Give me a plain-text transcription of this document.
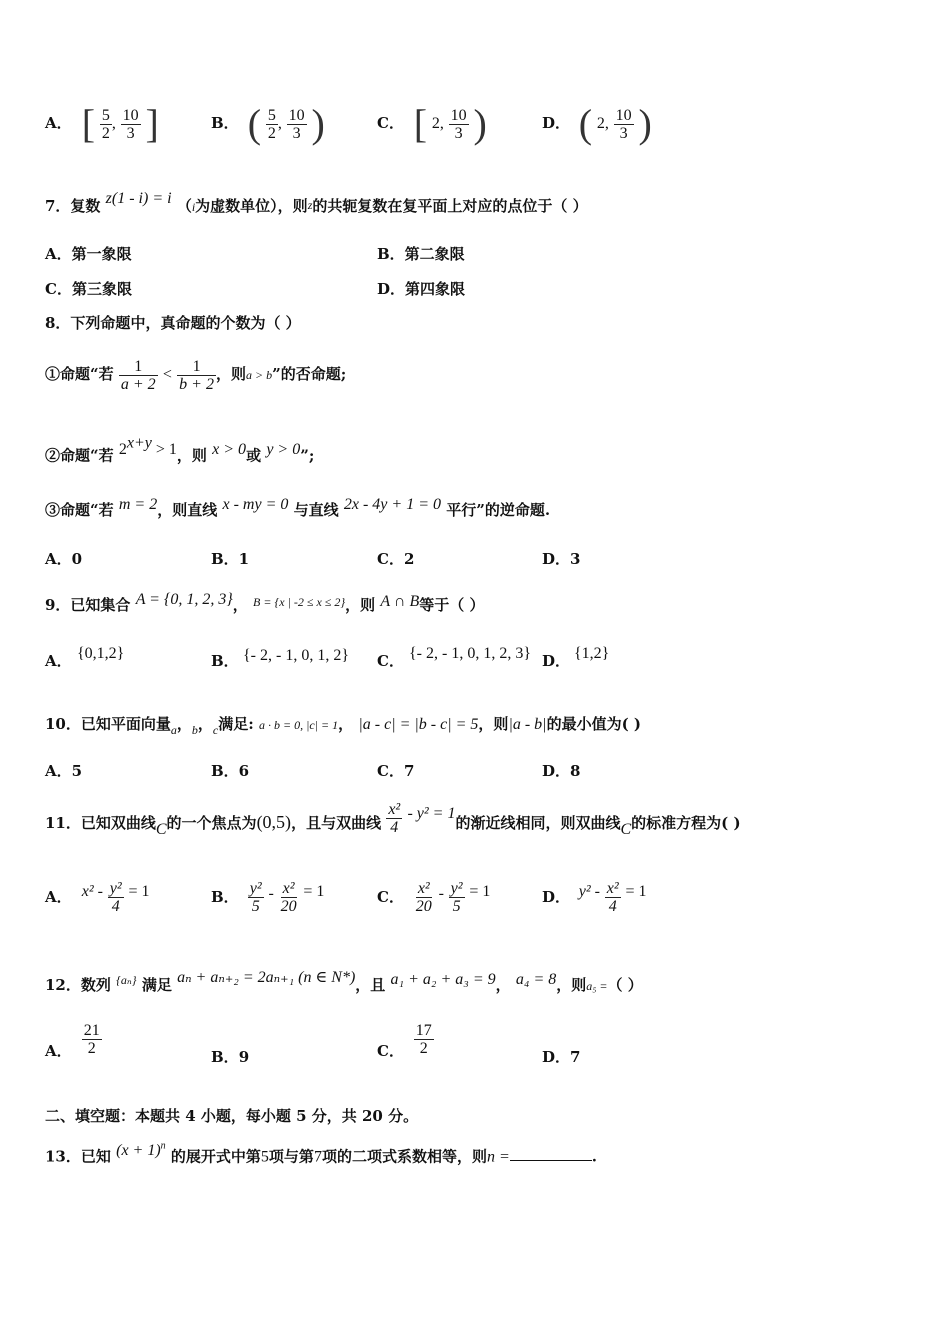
A． [ $\frac{5}{2}$ , $\frac{10}{3}$ ]	B． ( $\frac{5}{2}$ , $\frac{10}{3}$ )	C． [ 2, $\frac{10}{3}$ )	D． ( 2, $\frac{10}{3}$ )
7．复数 z(1 - i) = i （i为虚数单位），则z的共轭复数在复平面上对应的点位于（ ）
A．第一象限	B．第二象限
C．第三象限	D．第四象限
8．下列命题中，真命题的个数为（ ）
①命题“若 $\frac{1}{a + 2} < \frac{1}{b + 2}$ ，则a > b”的否命题;
②命题“若 $2^{x+y} > 1$，则 x > 0或 y > 0”;
③命题“若 m = 2，则直线 x - my = 0 与直线 2x - 4y + 1 = 0 平行”的逆命题.
A．0	B．1	C．2	D．3
9．已知集合 A = {0, 1, 2, 3}， $^{B = \{x | -2 \le x \le 2\}}$，则 A ∩ B等于（ ）
A． {0,1,2}	B． {- 2, - 1, 0, 1, 2} C． {- 2, - 1, 0, 1, 2, 3} D． {1,2}
10．已知平面向量$_a$，$_b$，$_c$满足: a · b = 0, |c| = 1， |a - c| = |b - c| = 5，则|a - b|的最小值为( )
A．5	B．6	C．7	D．8
11．已知双曲线C的一个焦点为(0,5)，且与双曲线 $\frac{\text{x²}}{4} - y^2 = 1$的渐近线相同，则双曲线C的标准方程为( )
A． $x^2 - \frac{\text{y²}}{4} = 1$	B． $\frac{\text{y²}}{5} - \frac{\text{x²}}{20} = 1$	C． $\frac{\text{x²}}{20} - \frac{\text{y²}}{5} = 1$	D． $y^2 - \frac{\text{x²}}{4} = 1$
12．数列 $^{\{a_n\}}$ 满足 aₙ + aₙ₊₂ = 2aₙ₊₁ (n ∈ N*)，且 a₁ + a₂ + a₃ = 9， a₄ = 8，则a₅ =（ ）
A． $\frac{21}{2}$	B．9	C． $\frac{17}{2}$	D．7
二、填空题：本题共 4 小题，每小题 5 分，共 20 分。
13．已知 $(x + 1)^n$ 的展开式中第5项与第7项的二项式系数相等，则n =	.
